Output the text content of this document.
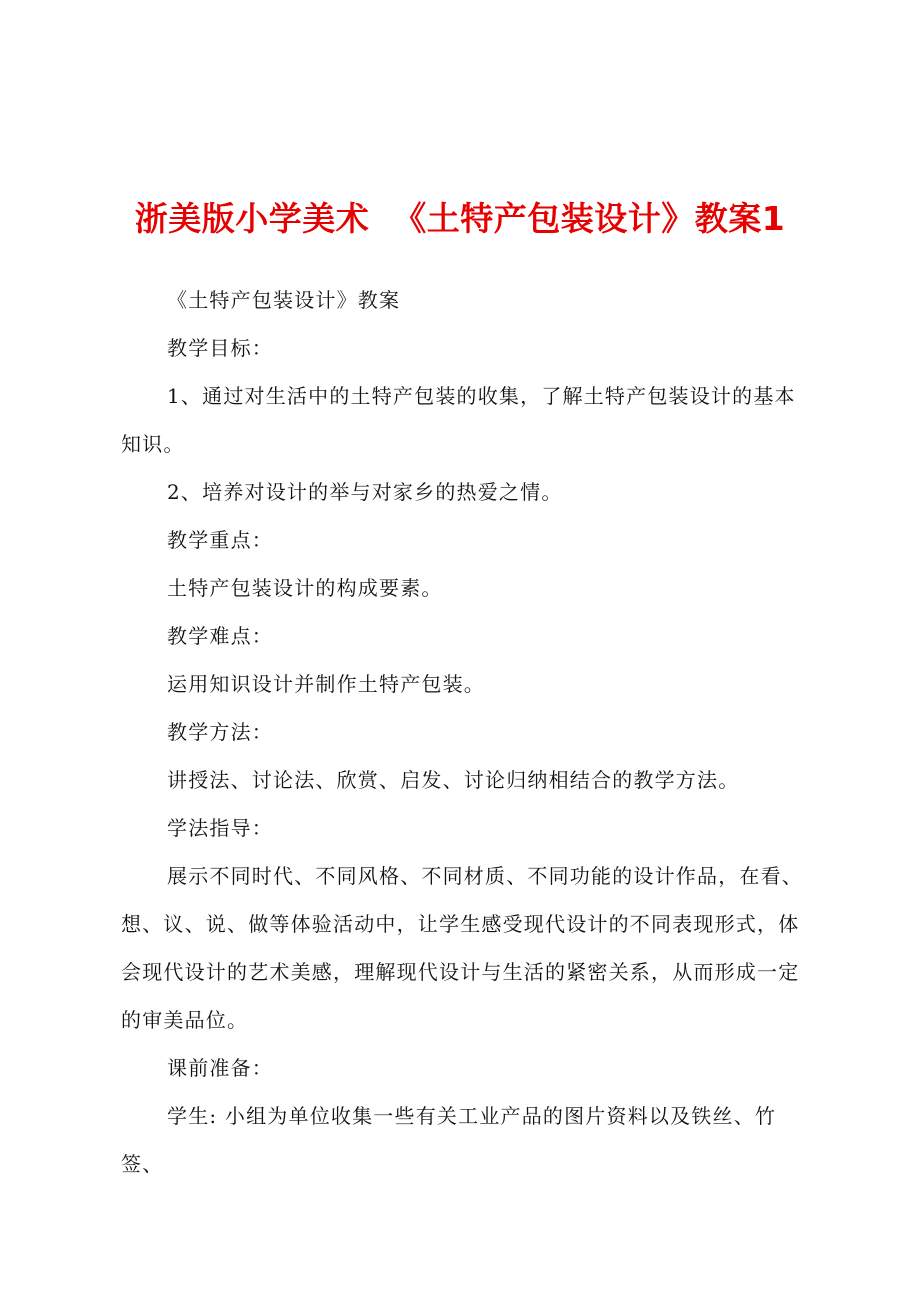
浙美版小学美术  《土特产包装设计》教案1

《土特产包装设计》教案

教学目标：

1、通过对生活中的土特产包装的收集，了解土特产包装设计的基本知识。

2、培养对设计的举与对家乡的热爱之情。

教学重点：

土特产包装设计的构成要素。

教学难点：

运用知识设计并制作土特产包装。

教学方法：

讲授法、讨论法、欣赏、启发、讨论归纳相结合的教学方法。

学法指导：

展示不同时代、不同风格、不同材质、不同功能的设计作品，在看、想、议、说、做等体验活动中，让学生感受现代设计的不同表现形式，体会现代设计的艺术美感，理解现代设计与生活的紧密关系，从而形成一定的审美品位。

课前准备：

学生: 小组为单位收集一些有关工业产品的图片资料以及铁丝、竹签、
